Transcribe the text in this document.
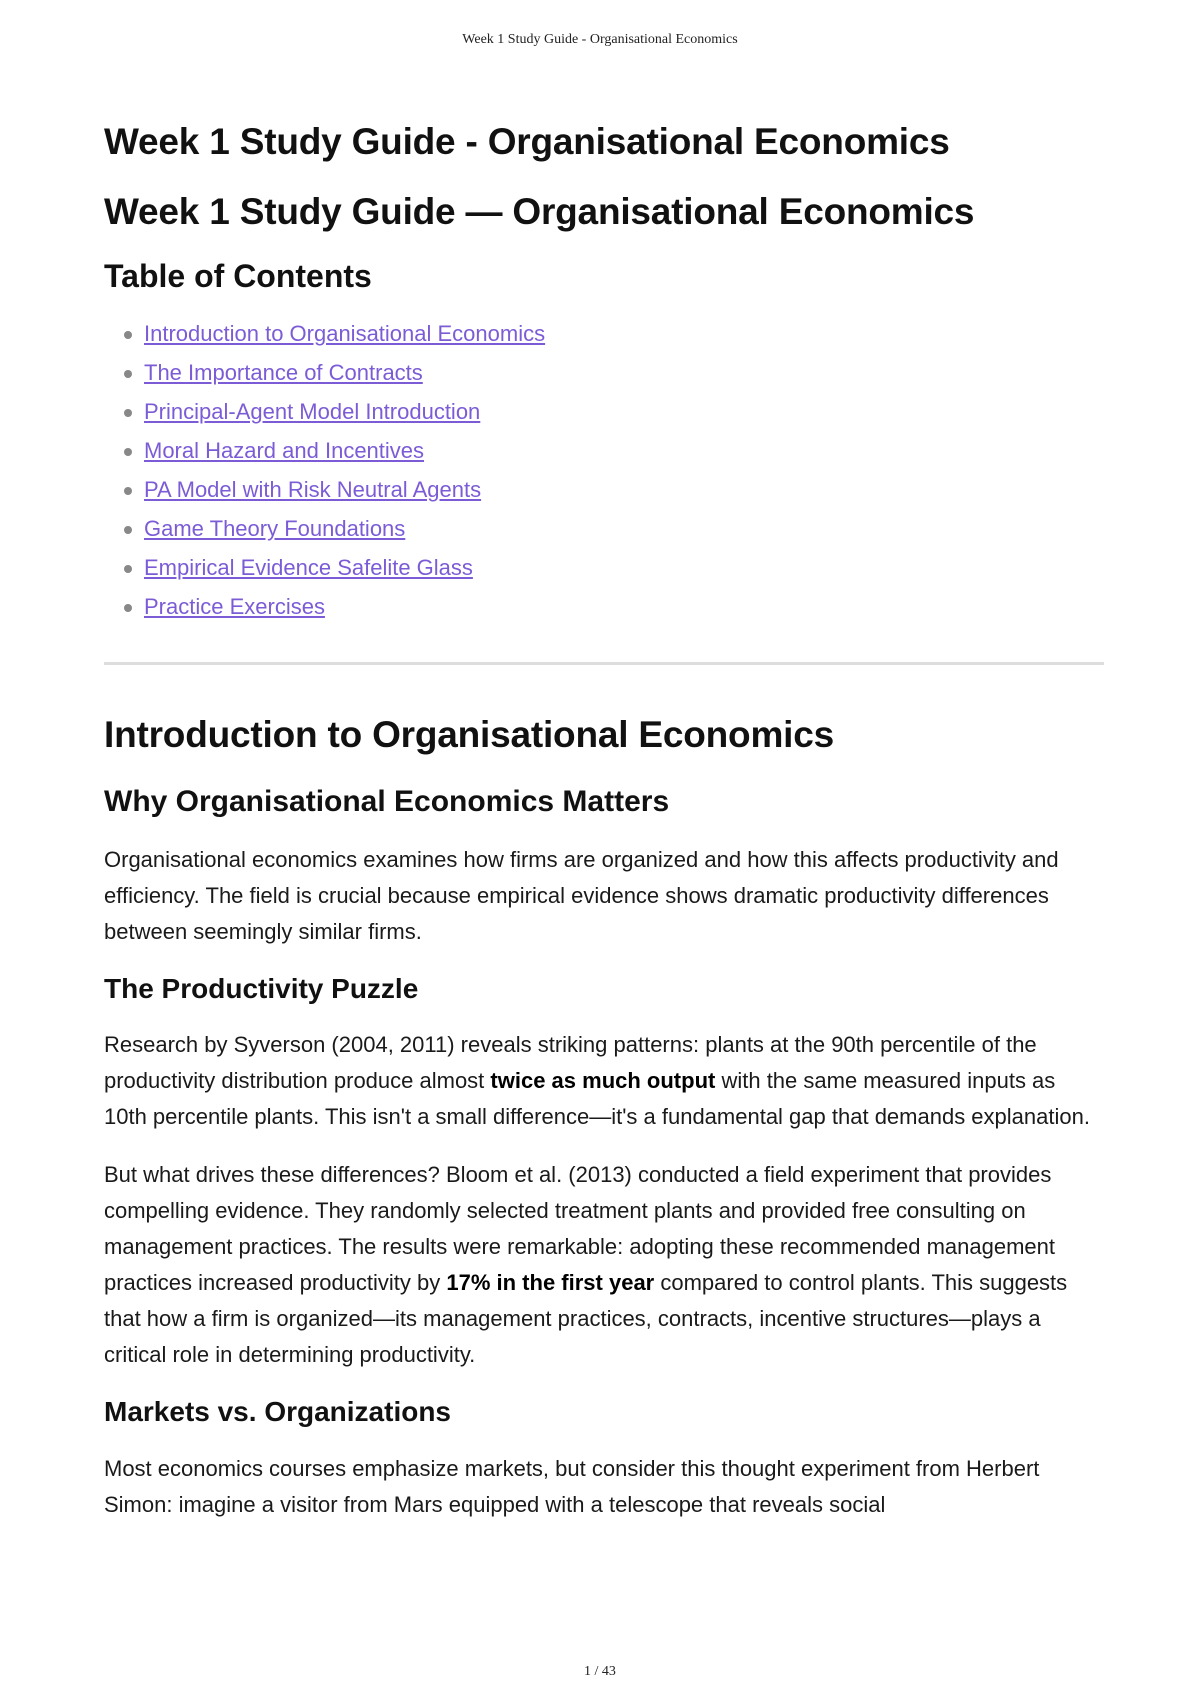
Week 1 Study Guide - Organisational Economics
Week 1 Study Guide - Organisational Economics
Week 1 Study Guide — Organisational Economics
Table of Contents
Introduction to Organisational Economics
The Importance of Contracts
Principal-Agent Model Introduction
Moral Hazard and Incentives
PA Model with Risk Neutral Agents
Game Theory Foundations
Empirical Evidence Safelite Glass
Practice Exercises
Introduction to Organisational Economics
Why Organisational Economics Matters

Organisational economics examines how firms are organized and how this affects productivity and efficiency. The field is crucial because empirical evidence shows dramatic productivity differences between seemingly similar firms.

The Productivity Puzzle

Research by Syverson (2004, 2011) reveals striking patterns: plants at the 90th percentile of the productivity distribution produce almost twice as much output with the same measured inputs as 10th percentile plants. This isn't a small difference—it's a fundamental gap that demands explanation.

But what drives these differences? Bloom et al. (2013) conducted a field experiment that provides compelling evidence. They randomly selected treatment plants and provided free consulting on management practices. The results were remarkable: adopting these recommended management practices increased productivity by 17% in the first year compared to control plants. This suggests that how a firm is organized—its management practices, contracts, incentive structures—plays a critical role in determining productivity.

Markets vs. Organizations

Most economics courses emphasize markets, but consider this thought experiment from Herbert Simon: imagine a visitor from Mars equipped with a telescope that reveals social

1 / 43
